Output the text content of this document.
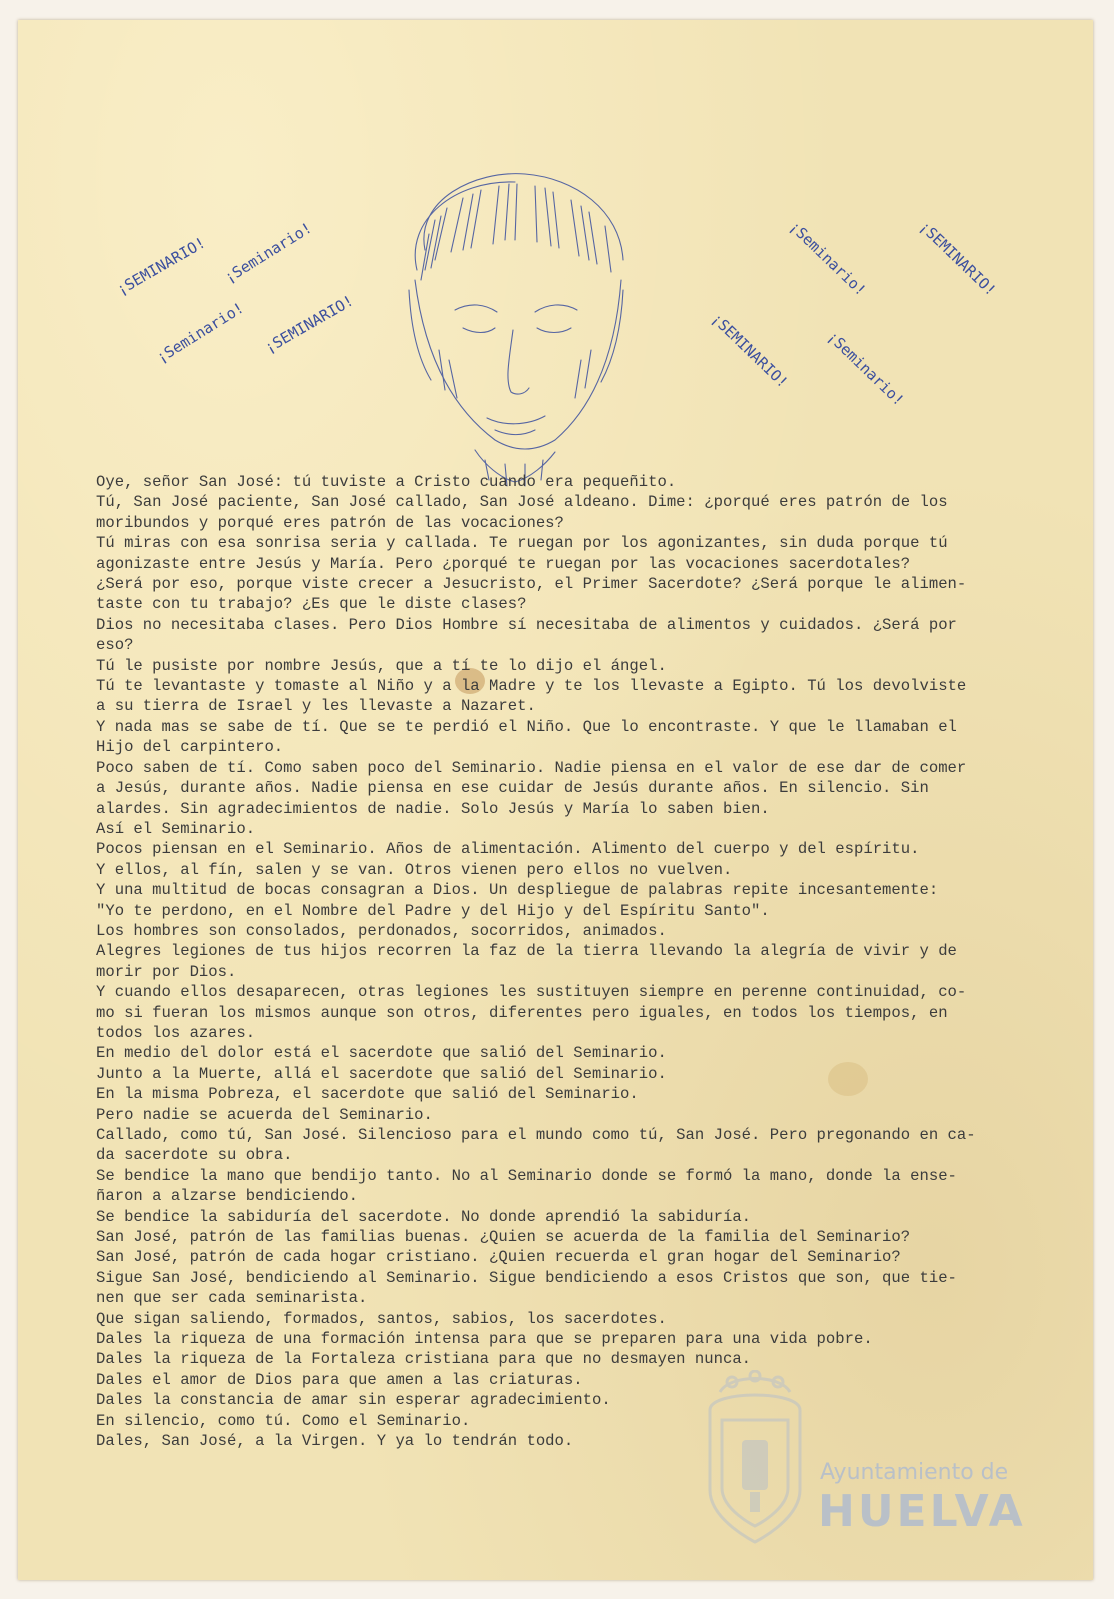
¡SEMINARIO! ¡Seminario!
¡Seminario! ¡SEMINARIO!
¡Seminario!	¡SEMINARIO!
¡SEMINARIO! ¡Seminario!
Oye, señor San José: tú tuviste a Cristo cuando era pequeñito.
Tú, San José paciente, San José callado, San José aldeano. Dime: ¿porqué eres patrón de los
moribundos y porqué eres patrón de las vocaciones?
Tú miras con esa sonrisa seria y callada. Te ruegan por los agonizantes, sin duda porque tú
agonizaste entre Jesús y María. Pero ¿porqué te ruegan por las vocaciones sacerdotales?
¿Será por eso, porque viste crecer a Jesucristo, el Primer Sacerdote? ¿Será porque le alimen-
taste con tu trabajo? ¿Es que le diste clases?
Dios no necesitaba clases. Pero Dios Hombre sí necesitaba de alimentos y cuidados. ¿Será por
eso?
Tú le pusiste por nombre Jesús, que a tí te lo dijo el ángel.
Tú te levantaste y tomaste al Niño y a la Madre y te los llevaste a Egipto. Tú los devolviste
a su tierra de Israel y les llevaste a Nazaret.
Y nada mas se sabe de tí. Que se te perdió el Niño. Que lo encontraste. Y que le llamaban el
Hijo del carpintero.
Poco saben de tí. Como saben poco del Seminario. Nadie piensa en el valor de ese dar de comer
a Jesús, durante años. Nadie piensa en ese cuidar de Jesús durante años. En silencio. Sin
alardes. Sin agradecimientos de nadie. Solo Jesús y María lo saben bien.
Así el Seminario.
Pocos piensan en el Seminario. Años de alimentación. Alimento del cuerpo y del espíritu.
Y ellos, al fín, salen y se van. Otros vienen pero ellos no vuelven.
Y una multitud de bocas consagran a Dios. Un despliegue de palabras repite incesantemente:
"Yo te perdono, en el Nombre del Padre y del Hijo y del Espíritu Santo".
Los hombres son consolados, perdonados, socorridos, animados.
Alegres legiones de tus hijos recorren la faz de la tierra llevando la alegría de vivir y de
morir por Dios.
Y cuando ellos desaparecen, otras legiones les sustituyen siempre en perenne continuidad, co-
mo si fueran los mismos aunque son otros, diferentes pero iguales, en todos los tiempos, en
todos los azares.
En medio del dolor está el sacerdote que salió del Seminario.
Junto a la Muerte, allá el sacerdote que salió del Seminario.
En la misma Pobreza, el sacerdote que salió del Seminario.
Pero nadie se acuerda del Seminario.
Callado, como tú, San José. Silencioso para el mundo como tú, San José. Pero pregonando en ca-
da sacerdote su obra.
Se bendice la mano que bendijo tanto. No al Seminario donde se formó la mano, donde la ense-
ñaron a alzarse bendiciendo.
Se bendice la sabiduría del sacerdote. No donde aprendió la sabiduría.
San José, patrón de las familias buenas. ¿Quien se acuerda de la familia del Seminario?
San José, patrón de cada hogar cristiano. ¿Quien recuerda el gran hogar del Seminario?
Sigue San José, bendiciendo al Seminario. Sigue bendiciendo a esos Cristos que son, que tie-
nen que ser cada seminarista.
Que sigan saliendo, formados, santos, sabios, los sacerdotes.
Dales la riqueza de una formación intensa para que se preparen para una vida pobre.
Dales la riqueza de la Fortaleza cristiana para que no desmayen nunca.
Dales el amor de Dios para que amen a las criaturas.
Dales la constancia de amar sin esperar agradecimiento.
En silencio, como tú. Como el Seminario.
Dales, San José, a la Virgen. Y ya lo tendrán todo.
Ayuntamiento de
HUELVA
